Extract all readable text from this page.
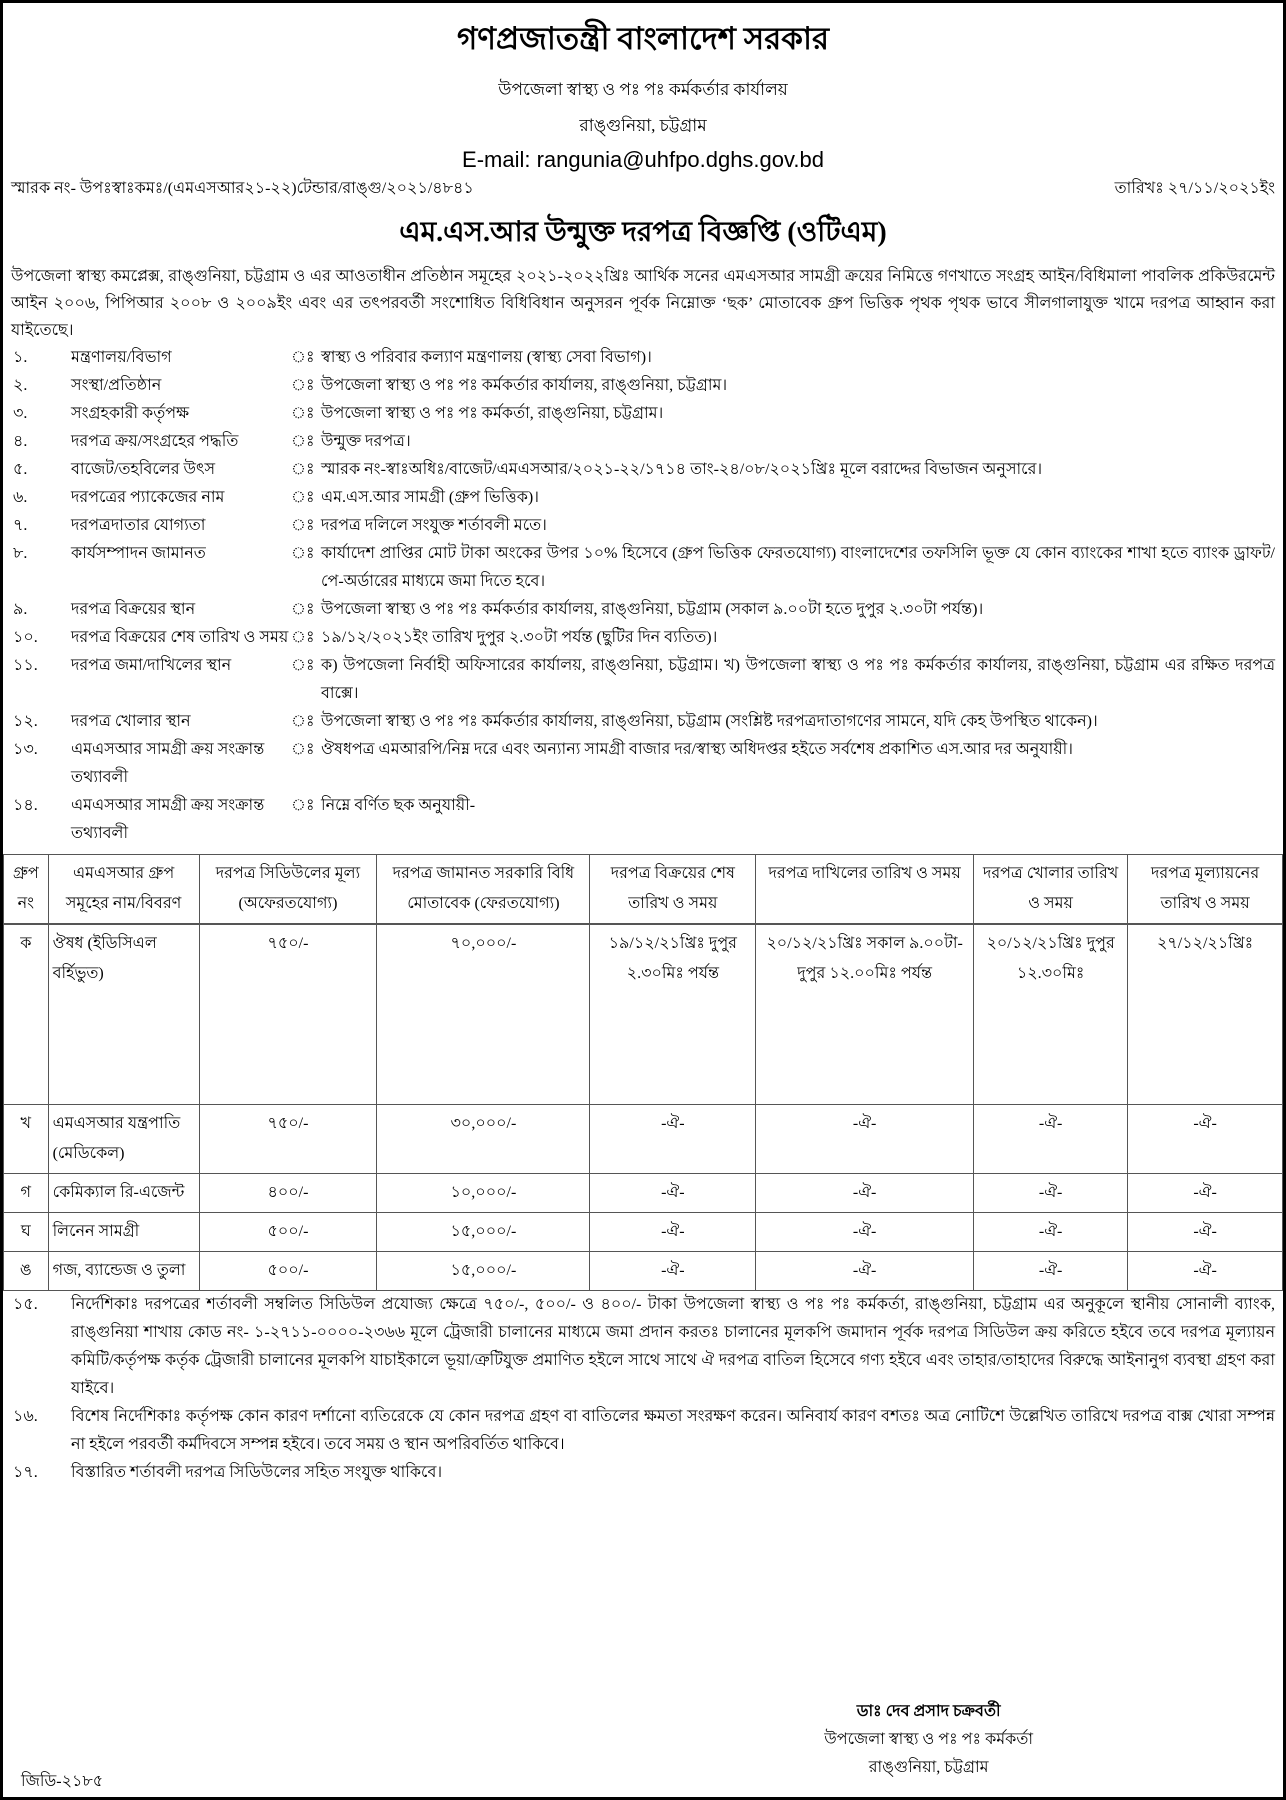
গণপ্রজাতন্ত্রী বাংলাদেশ সরকার
উপজেলা স্বাস্থ্য ও পঃ পঃ কর্মকর্তার কার্যালয়
রাঙ্গুনিয়া, চট্টগ্রাম
E-mail: rangunia@uhfpo.dghs.gov.bd
স্মারক নং- উপঃস্বাঃকমঃ/(এমএসআর২১-২২)টেন্ডার/রাঙ্গু/২০২১/৪৮৪১	তারিখঃ ২৭/১১/২০২১ইং
এম.এস.আর উন্মুক্ত দরপত্র বিজ্ঞপ্তি (ওটিএম)

উপজেলা স্বাস্থ্য কমপ্লেক্স, রাঙ্গুনিয়া, চট্টগ্রাম ও এর আওতাধীন প্রতিষ্ঠান সমূহের ২০২১-২০২২খ্রিঃ আর্থিক সনের এমএসআর সামগ্রী ক্রয়ের নিমিত্তে গণখাতে সংগ্রহ আইন/বিধিমালা পাবলিক প্রকিউরমেন্ট আইন ২০০৬, পিপিআর ২০০৮ ও ২০০৯ইং এবং এর তৎপরবর্তী সংশোধিত বিধিবিধান অনুসরন পূর্বক নিম্নোক্ত ‘ছক’ মোতাবেক গ্রুপ ভিত্তিক পৃথক পৃথক ভাবে সীলগালাযুক্ত খামে দরপত্র আহ্বান করা যাইতেছে।

১.	মন্ত্রণালয়/বিভাগ	ঃ স্বাস্থ্য ও পরিবার কল্যাণ মন্ত্রণালয় (স্বাস্থ্য সেবা বিভাগ)।
২.	সংস্থা/প্রতিষ্ঠান	ঃ উপজেলা স্বাস্থ্য ও পঃ পঃ কর্মকর্তার কার্যালয়, রাঙ্গুনিয়া, চট্টগ্রাম।
৩.	সংগ্রহকারী কর্তৃপক্ষ	ঃ উপজেলা স্বাস্থ্য ও পঃ পঃ কর্মকর্তা, রাঙ্গুনিয়া, চট্টগ্রাম।
৪.	দরপত্র ক্রয়/সংগ্রহের পদ্ধতি	ঃ উন্মুক্ত দরপত্র।
৫.	বাজেট/তহবিলের উৎস	ঃ স্মারক নং-স্বাঃঅধিঃ/বাজেট/এমএসআর/২০২১-২২/১৭১৪ তাং-২৪/০৮/২০২১খ্রিঃ মূলে বরাদ্দের বিভাজন অনুসারে।
৬.	দরপত্রের প্যাকেজের নাম	ঃ এম.এস.আর সামগ্রী (গ্রুপ ভিত্তিক)।
৭.	দরপত্রদাতার যোগ্যতা	ঃ দরপত্র দলিলে সংযুক্ত শর্তাবলী মতে।
৮.	কার্যসম্পাদন জামানত	ঃ কার্যাদেশ প্রাপ্তির মোট টাকা অংকের উপর ১০% হিসেবে (গ্রুপ ভিত্তিক ফেরতযোগ্য) বাংলাদেশের তফসিলি ভূক্ত যে কোন ব্যাংকের শাখা হতে ব্যাংক ড্রাফট/পে-অর্ডারের মাধ্যমে জমা দিতে হবে।
৯.	দরপত্র বিক্রয়ের স্থান	ঃ উপজেলা স্বাস্থ্য ও পঃ পঃ কর্মকর্তার কার্যালয়, রাঙ্গুনিয়া, চট্টগ্রাম (সকাল ৯.০০টা হতে দুপুর ২.৩০টা পর্যন্ত)।
১০.	দরপত্র বিক্রয়ের শেষ তারিখ ও সময় ঃ ১৯/১২/২০২১ইং তারিখ দুপুর ২.৩০টা পর্যন্ত (ছুটির দিন ব্যতিত)।
১১.	দরপত্র জমা/দাখিলের স্থান	ঃ ক) উপজেলা নির্বাহী অফিসারের কার্যালয়, রাঙ্গুনিয়া, চট্টগ্রাম। খ) উপজেলা স্বাস্থ্য ও পঃ পঃ কর্মকর্তার কার্যালয়, রাঙ্গুনিয়া, চট্টগ্রাম এর রক্ষিত দরপত্র বাক্সে।
১২.	দরপত্র খোলার স্থান	ঃ উপজেলা স্বাস্থ্য ও পঃ পঃ কর্মকর্তার কার্যালয়, রাঙ্গুনিয়া, চট্টগ্রাম (সংশ্লিষ্ট দরপত্রদাতাগণের সামনে, যদি কেহ উপস্থিত থাকেন)।
১৩.	এমএসআর সামগ্রী ক্রয় সংক্রান্ত তথ্যাবলী
ঃ ঔষধপত্র এমআরপি/নিম্ন দরে এবং অন্যান্য সামগ্রী বাজার দর/স্বাস্থ্য অধিদপ্তর হইতে সর্বশেষ প্রকাশিত এস.আর দর অনুযায়ী।
১৪.	এমএসআর সামগ্রী ক্রয় সংক্রান্ত তথ্যাবলী
ঃ নিম্নে বর্ণিত ছক অনুযায়ী-
গ্রুপ নং	এমএসআর গ্রুপ সমূহের নাম/বিবরণ	দরপত্র সিডিউলের মূল্য (অফেরতযোগ্য)	দরপত্র জামানত সরকারি বিধি মোতাবেক (ফেরতযোগ্য)	দরপত্র বিক্রয়ের শেষ তারিখ ও সময়	দরপত্র দাখিলের তারিখ ও সময়	দরপত্র খোলার তারিখ ও সময়	দরপত্র মূল্যায়নের তারিখ ও সময়
ক	ঔষধ (ইডিসিএল বর্হিভুত)	৭৫০/-	৭০,০০০/-	১৯/১২/২১খ্রিঃ দুপুর ২.৩০মিঃ পর্যন্ত	২০/১২/২১খ্রিঃ সকাল ৯.০০টা- দুপুর ১২.০০মিঃ পর্যন্ত	২০/১২/২১খ্রিঃ দুপুর ১২.৩০মিঃ	২৭/১২/২১খ্রিঃ
খ	এমএসআর যন্ত্রপাতি (মেডিকেল)	৭৫০/-	৩০,০০০/-	-ঐ-	-ঐ-	-ঐ-	-ঐ-
গ	কেমিক্যাল রি-এজেন্ট	৪০০/-	১০,০০০/-	-ঐ-	-ঐ-	-ঐ-	-ঐ-
ঘ	লিনেন সামগ্রী	৫০০/-	১৫,০০০/-	-ঐ-	-ঐ-	-ঐ-	-ঐ-
ঙ	গজ, ব্যান্ডেজ ও তুলা	৫০০/-	১৫,০০০/-	-ঐ-	-ঐ-	-ঐ-	-ঐ-
১৫.	নির্দেশিকাঃ দরপত্রের শর্তাবলী সম্বলিত সিডিউল প্রযোজ্য ক্ষেত্রে ৭৫০/-, ৫০০/- ও ৪০০/- টাকা উপজেলা স্বাস্থ্য ও পঃ পঃ কর্মকর্তা, রাঙ্গুনিয়া, চট্টগ্রাম এর অনুকূলে স্থানীয় সোনালী ব্যাংক, রাঙ্গুনিয়া শাখায় কোড নং- ১-২৭১১-০০০০-২৩৬৬ মূলে ট্রেজারী চালানের মাধ্যমে জমা প্রদান করতঃ চালানের মূলকপি জমাদান পূর্বক দরপত্র সিডিউল ক্রয় করিতে হইবে তবে দরপত্র মূল্যায়ন কমিটি/কর্তৃপক্ষ কর্তৃক ট্রেজারী চালানের মূলকপি যাচাইকালে ভূয়া/ত্রুটিযুক্ত প্রমাণিত হইলে সাথে সাথে ঐ দরপত্র বাতিল হিসেবে গণ্য হইবে এবং তাহার/তাহাদের বিরুদ্ধে আইনানুগ ব্যবস্থা গ্রহণ করা যাইবে।
১৬.	বিশেষ নির্দেশিকাঃ কর্তৃপক্ষ কোন কারণ দর্শানো ব্যতিরেকে যে কোন দরপত্র গ্রহণ বা বাতিলের ক্ষমতা সংরক্ষণ করেন। অনিবার্য কারণ বশতঃ অত্র নোটিশে উল্লেখিত তারিখে দরপত্র বাক্স খোরা সম্পন্ন না হইলে পরবর্তী কর্মদিবসে সম্পন্ন হইবে। তবে সময় ও স্থান অপরিবর্তিত থাকিবে।
১৭.	বিস্তারিত শর্তাবলী দরপত্র সিডিউলের সহিত সংযুক্ত থাকিবে।
ডাঃ দেব প্রসাদ চক্রবর্তী
উপজেলা স্বাস্থ্য ও পঃ পঃ কর্মকর্তা
রাঙ্গুনিয়া, চট্টগ্রাম
জিডি-২১৮৫
